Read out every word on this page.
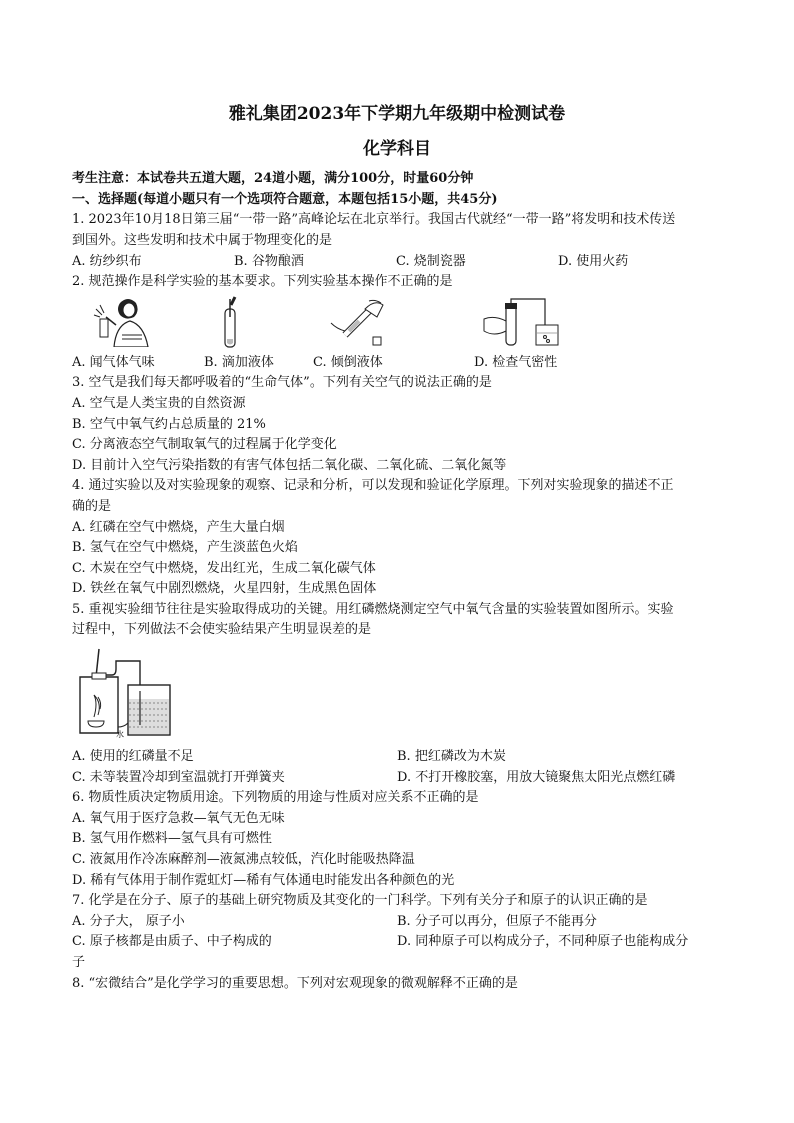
雅礼集团2023年下学期九年级期中检测试卷
化学科目
考生注意：本试卷共五道大题，24道小题，满分100分，时量60分钟
一、选择题(每道小题只有一个选项符合题意，本题包括15小题，共45分)
1. 2023年10月18日第三届“一带一路”高峰论坛在北京举行。我国古代就经“一带一路”将发明和技术传送
到国外。这些发明和技术中属于物理变化的是
A. 纺纱织布	B. 谷物酿酒	C. 烧制瓷器	D. 使用火药
2. 规范操作是科学实验的基本要求。下列实验基本操作不正确的是
A. 闻气体气味	B. 滴加液体	C. 倾倒液体	D. 检查气密性
3. 空气是我们每天都呼吸着的“生命气体”。下列有关空气的说法正确的是
A. 空气是人类宝贵的自然资源
B. 空气中氧气约占总质量的 21%
C. 分离液态空气制取氧气的过程属于化学变化
D. 目前计入空气污染指数的有害气体包括二氧化碳、二氧化硫、二氧化氮等
4. 通过实验以及对实验现象的观察、记录和分析，可以发现和验证化学原理。下列对实验现象的描述不正
确的是
A. 红磷在空气中燃烧，产生大量白烟
B. 氢气在空气中燃烧，产生淡蓝色火焰
C. 木炭在空气中燃烧，发出红光，生成二氧化碳气体
D. 铁丝在氧气中剧烈燃烧，火星四射，生成黑色固体
5. 重视实验细节往往是实验取得成功的关键。用红磷燃烧测定空气中氧气含量的实验装置如图所示。实验
过程中，下列做法不会使实验结果产生明显误差的是
水
A. 使用的红磷量不足	B. 把红磷改为木炭
C. 未等装置冷却到室温就打开弹簧夹	D. 不打开橡胶塞，用放大镜聚焦太阳光点燃红磷
6. 物质性质决定物质用途。下列物质的用途与性质对应关系不正确的是
A. 氧气用于医疗急救—氧气无色无味
B. 氢气用作燃料—氢气具有可燃性
C. 液氮用作冷冻麻醉剂—液氮沸点较低，汽化时能吸热降温
D. 稀有气体用于制作霓虹灯—稀有气体通电时能发出各种颜色的光
7. 化学是在分子、原子的基础上研究物质及其变化的一门科学。下列有关分子和原子的认识正确的是
A. 分子大， 原子小	B. 分子可以再分，但原子不能再分
C. 原子核都是由质子、中子构成的	D. 同种原子可以构成分子，不同种原子也能构成分
子
8. “宏微结合”是化学学习的重要思想。下列对宏观现象的微观解释不正确的是
